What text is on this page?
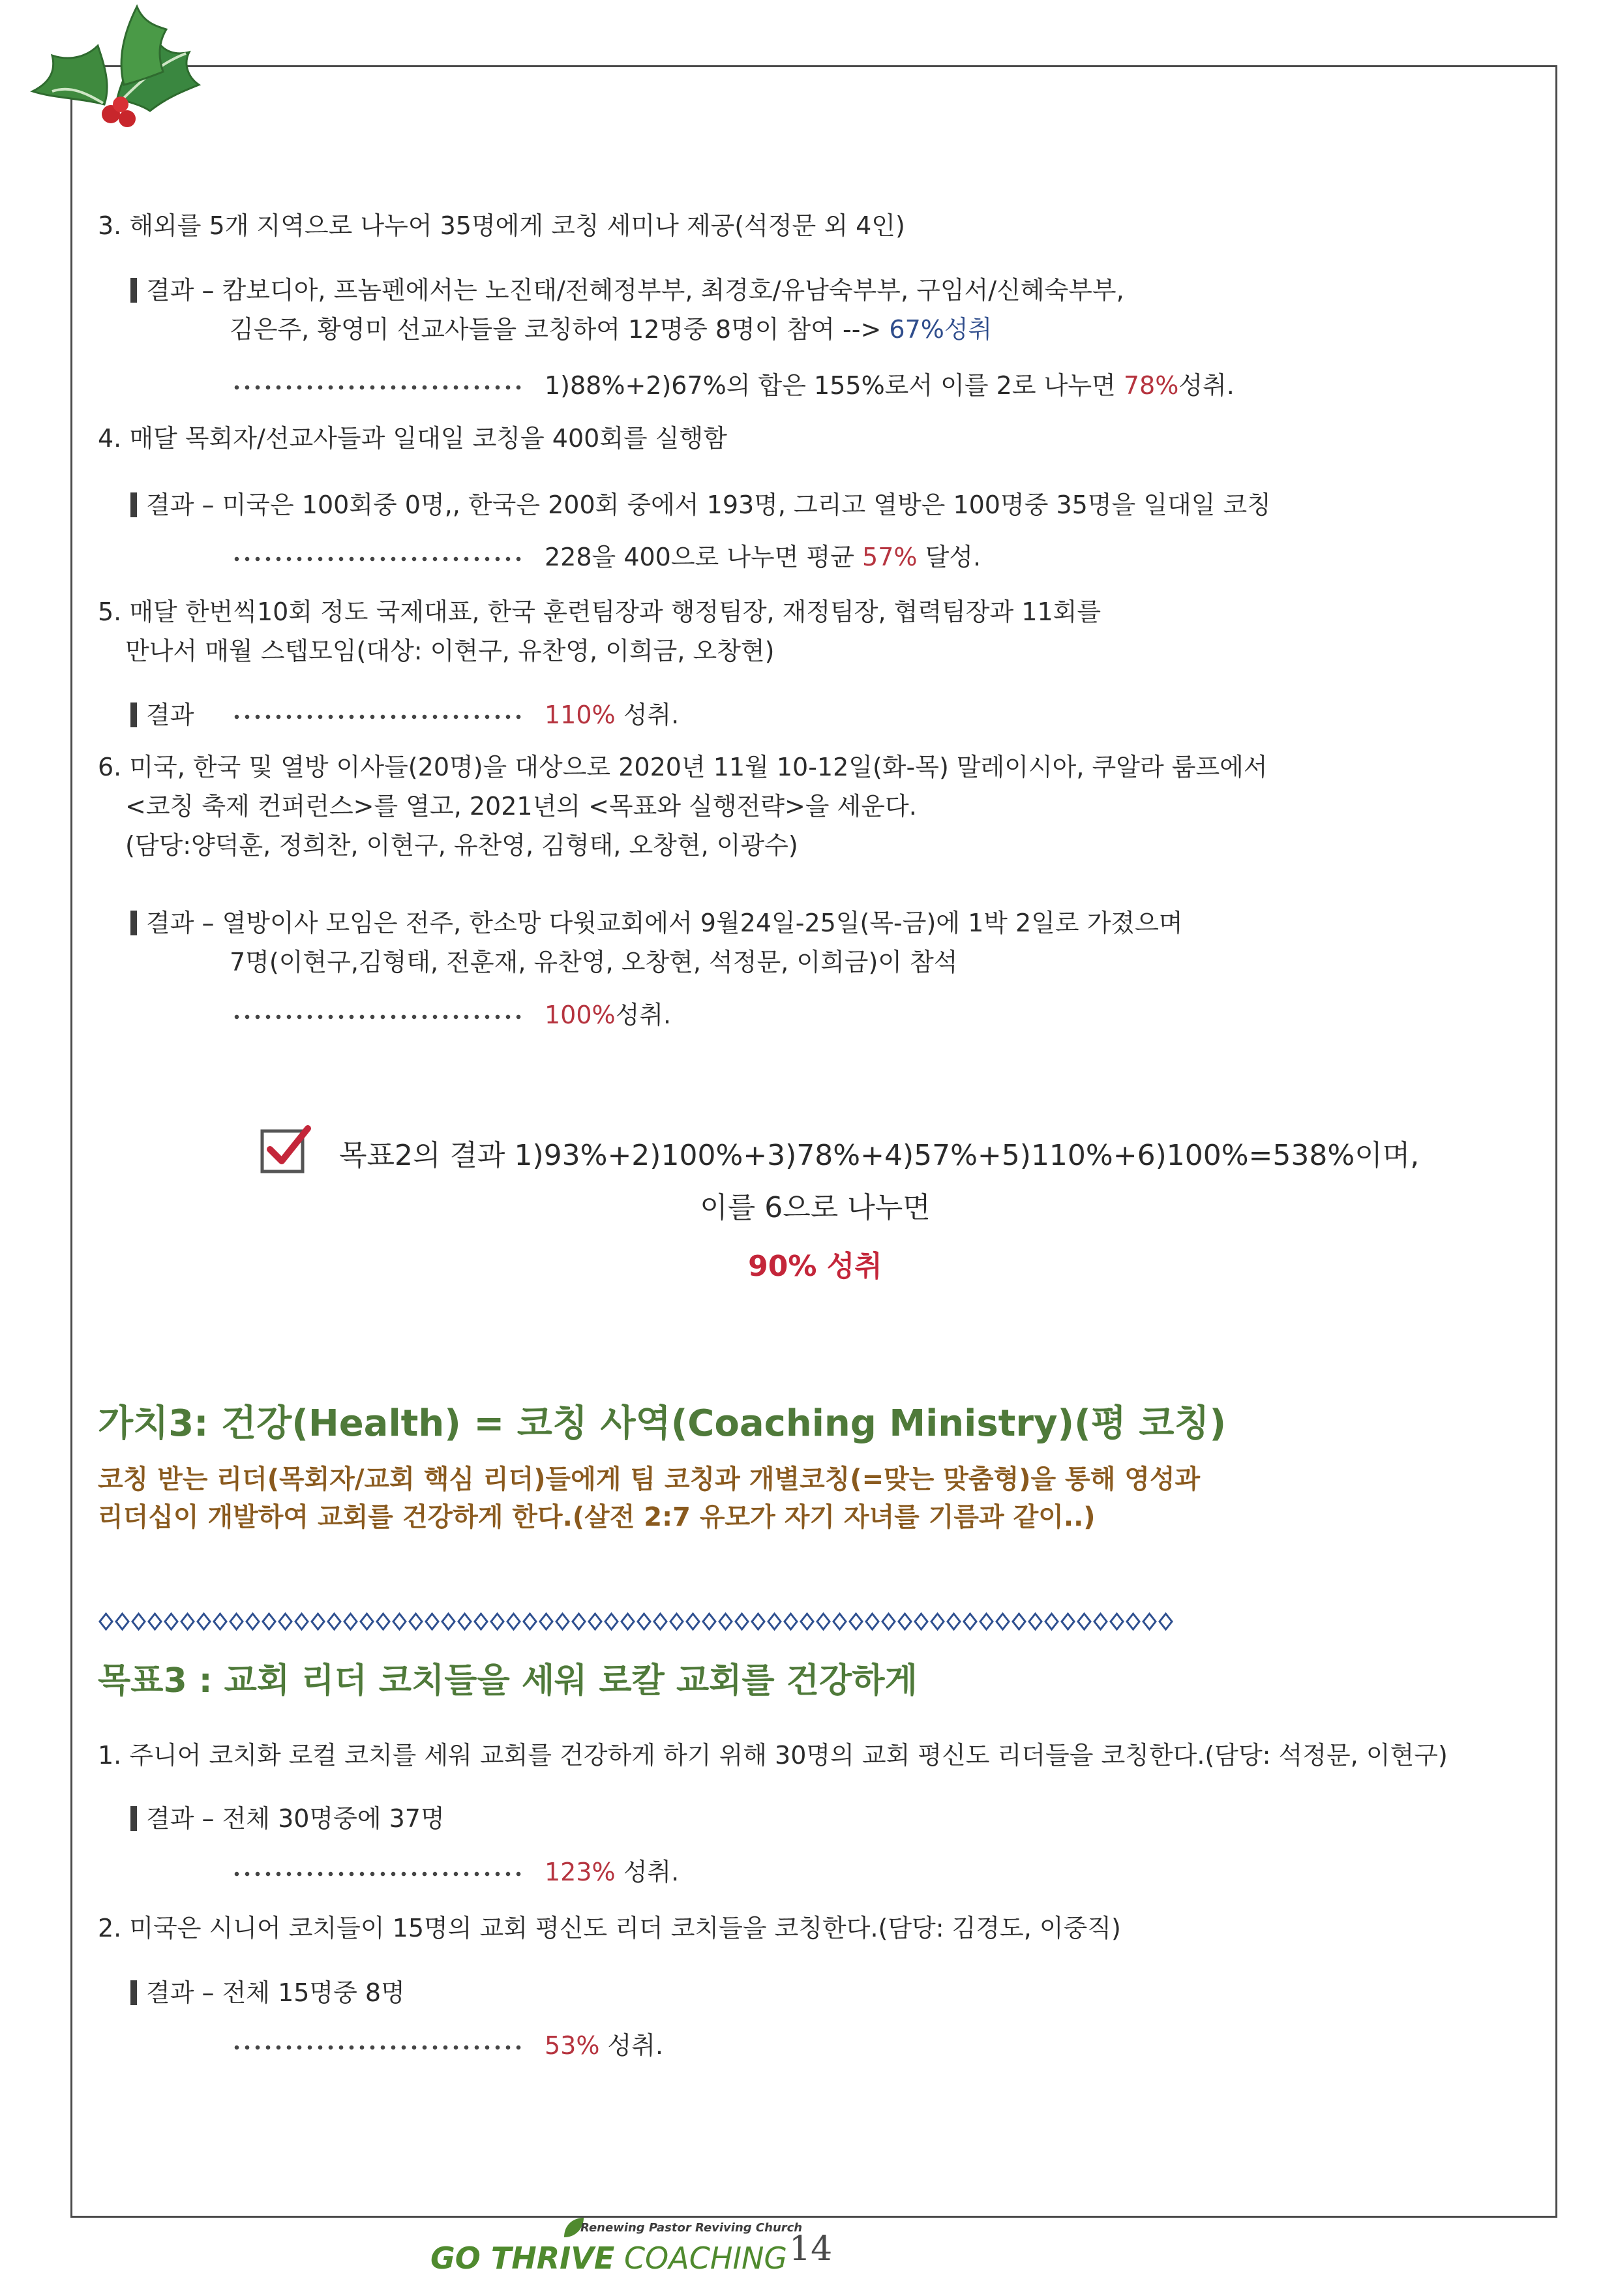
3. 해외를 5개 지역으로 나누어 35명에게 코칭 세미나 제공(석정문 외 4인)
결과 – 캄보디아, 프놈펜에서는 노진태/전혜정부부, 최경호/유남숙부부, 구임서/신혜숙부부,
김은주, 황영미 선교사들을 코칭하여 12명중 8명이 참여 --> 67%성취
1)88%+2)67%의 합은 155%로서 이를 2로 나누면 78%성취.
4. 매달 목회자/선교사들과 일대일 코칭을 400회를 실행함
결과 – 미국은 100회중 0명,, 한국은 200회 중에서 193명, 그리고 열방은 100명중 35명을 일대일 코칭
228을 400으로 나누면 평균 57% 달성.
5. 매달 한번씩10회 정도 국제대표, 한국 훈련팀장과 행정팀장, 재정팀장, 협력팀장과 11회를
만나서 매월 스텝모임(대상: 이현구, 유찬영, 이희금, 오창현)
결과	110% 성취.
6. 미국, 한국 및 열방 이사들(20명)을 대상으로 2020년 11월 10-12일(화-목) 말레이시아, 쿠알라 룸프에서
<코칭 축제 컨퍼런스>를 열고, 2021년의 <목표와 실행전략>을 세운다.
(담당:양덕훈, 정희찬, 이현구, 유찬영, 김형태, 오창현, 이광수)
결과 – 열방이사 모임은 전주, 한소망 다윗교회에서 9월24일-25일(목-금)에 1박 2일로 가졌으며
7명(이현구,김형태, 전훈재, 유찬영, 오창현, 석정문, 이희금)이 참석
100%성취.
목표2의 결과 1)93%+2)100%+3)78%+4)57%+5)110%+6)100%=538%이며,
이를 6으로 나누면
90% 성취
가치3: 건강(Health) = 코칭 사역(Coaching Ministry)(평 코칭)
코칭 받는 리더(목회자/교회 핵심 리더)들에게 팀 코칭과 개별코칭(=맞는 맞춤형)을 통해 영성과
리더십이 개발하여 교회를 건강하게 한다.(살전 2:7 유모가 자기 자녀를 기름과 같이..)
목표3 : 교회 리더 코치들을 세워 로칼 교회를 건강하게
1. 주니어 코치화 로컬 코치를 세워 교회를 건강하게 하기 위해 30명의 교회 평신도 리더들을 코칭한다.(담당: 석정문, 이현구)
결과 – 전체 30명중에 37명
123% 성취.
2. 미국은 시니어 코치들이 15명의 교회 평신도 리더 코치들을 코칭한다.(담당: 김경도, 이중직)
결과 – 전체 15명중 8명
53% 성취.
Renewing Pastor Reviving Church
GO THRIVE COACHING 14
